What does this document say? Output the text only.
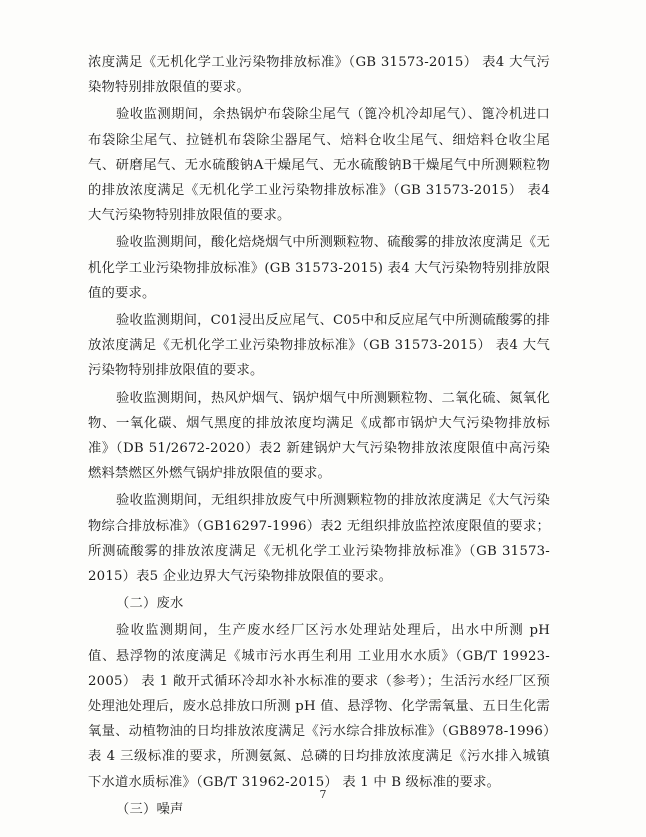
浓度满足《无机化学工业污染物排放标准》（GB 31573-2015） 表4 大气污染物特别排放限值的要求。

验收监测期间，余热锅炉布袋除尘尾气（篦冷机冷却尾气）、篦冷机进口布袋除尘尾气、拉链机布袋除尘器尾气、焙料仓收尘尾气、细焙料仓收尘尾气、研磨尾气、无水硫酸钠A干燥尾气、无水硫酸钠B干燥尾气中所测颗粒物的排放浓度满足《无机化学工业污染物排放标准》（GB 31573-2015） 表4 大气污染物特别排放限值的要求。

验收监测期间，酸化焙烧烟气中所测颗粒物、硫酸雾的排放浓度满足《无机化学工业污染物排放标准》(GB 31573-2015) 表4 大气污染物特别排放限值的要求。

验收监测期间，C01浸出反应尾气、C05中和反应尾气中所测硫酸雾的排放浓度满足《无机化学工业污染物排放标准》（GB 31573-2015） 表4 大气污染物特别排放限值的要求。

验收监测期间，热风炉烟气、锅炉烟气中所测颗粒物、二氧化硫、氮氧化物、一氧化碳、烟气黑度的排放浓度均满足《成都市锅炉大气污染物排放标准》（DB 51/2672-2020）表2 新建锅炉大气污染物排放浓度限值中高污染燃料禁燃区外燃气锅炉排放限值的要求。

验收监测期间，无组织排放废气中所测颗粒物的排放浓度满足《大气污染物综合排放标准》（GB16297-1996）表2 无组织排放监控浓度限值的要求；所测硫酸雾的排放浓度满足《无机化学工业污染物排放标准》（GB 31573-2015）表5 企业边界大气污染物排放限值的要求。

（二）废水

验收监测期间，生产废水经厂区污水处理站处理后，出水中所测 pH 值、悬浮物的浓度满足《城市污水再生利用 工业用水水质》（GB/T 19923-2005） 表 1 敞开式循环冷却水补水标准的要求（参考）；生活污水经厂区预处理池处理后，废水总排放口所测 pH 值、悬浮物、化学需氧量、五日生化需氧量、动植物油的日均排放浓度满足《污水综合排放标准》（GB8978-1996）表 4 三级标准的要求，所测氨氮、总磷的日均排放浓度满足《污水排入城镇下水道水质标准》（GB/T 31962-2015） 表 1 中 B 级标准的要求。

（三）噪声

7
